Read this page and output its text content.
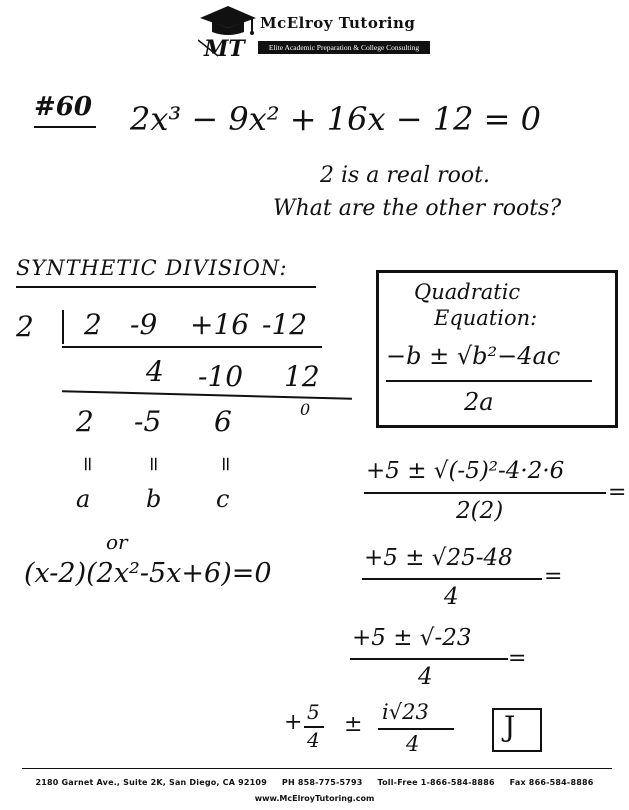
MT
McElroy Tutoring
Elite Academic Preparation & College Consulting
#60 2x³ − 9x² + 16x − 12 = 0
2 is a real root.
What are the other roots?
SYNTHETIC DIVISION:
2 2 -9 +16 -12
4 -10 12
2 -5 6	0
= = =
a b c
or
(x-2)(2x²-5x+6)=0
Quadratic
Equation:
−b ± √b²−4ac
2a
+5 ± √(-5)²-4·2·6
2(2)
=
+5 ± √25-48
4
=
+5 ± √-23
4
=
+ 5
4
± i√23
4
J
2180 Garnet Ave., Suite 2K, San Diego, CA 92109 PH 858-775-5793 Toll-Free 1-866-584-8886 Fax 866-584-8886
www.McElroyTutoring.com
